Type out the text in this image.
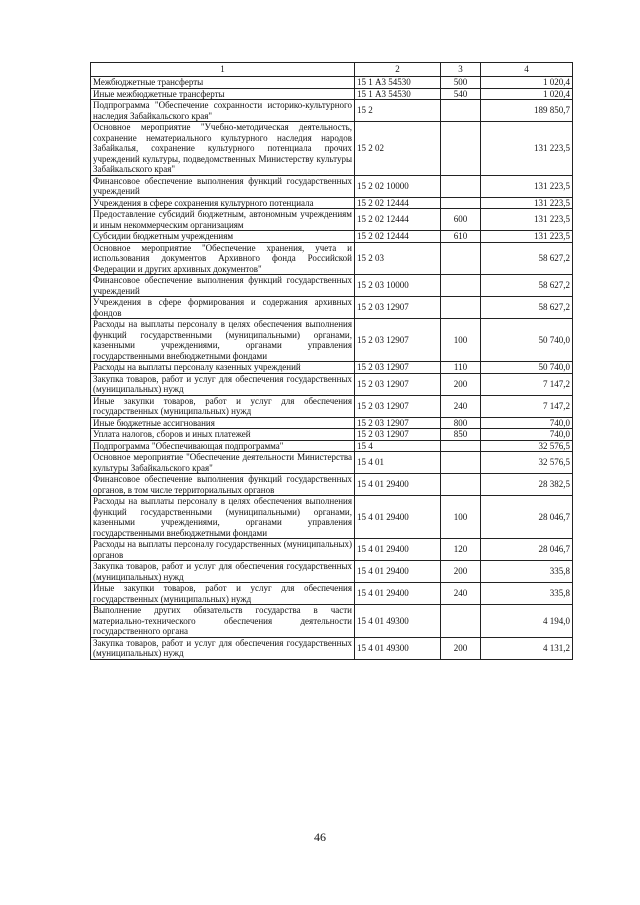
1	2	3	4
Межбюджетные трансферты	15 1 А3 54530	500	1 020,4
Иные межбюджетные трансферты	15 1 А3 54530	540	1 020,4
Подпрограмма "Обеспечение сохранности историко-культурного наследия Забайкальского края"	15 2		189 850,7
Основное мероприятие "Учебно-методическая деятельность, сохранение нематериального культурного наследия народов Забайкалья, сохранение культурного потенциала прочих учреждений культуры, подведомственных Министерству культуры Забайкальского края"	15 2 02		131 223,5
Финансовое обеспечение выполнения функций государственных учреждений	15 2 02 10000		131 223,5
Учреждения в сфере сохранения культурного потенциала	15 2 02 12444		131 223,5
Предоставление субсидий бюджетным, автономным учреждениям и иным некоммерческим организациям	15 2 02 12444	600	131 223,5
Субсидии бюджетным учреждениям	15 2 02 12444	610	131 223,5
Основное мероприятие "Обеспечение хранения, учета и использования документов Архивного фонда Российской Федерации и других архивных документов"	15 2 03		58 627,2
Финансовое обеспечение выполнения функций государственных учреждений	15 2 03 10000		58 627,2
Учреждения в сфере формирования и содержания архивных фондов	15 2 03 12907		58 627,2
Расходы на выплаты персоналу в целях обеспечения выполнения функций государственными (муниципальными) органами, казенными учреждениями, органами управления государственными внебюджетными фондами	15 2 03 12907	100	50 740,0
Расходы на выплаты персоналу казенных учреждений	15 2 03 12907	110	50 740,0
Закупка товаров, работ и услуг для обеспечения государственных (муниципальных) нужд	15 2 03 12907	200	7 147,2
Иные закупки товаров, работ и услуг для обеспечения государственных (муниципальных) нужд	15 2 03 12907	240	7 147,2
Иные бюджетные ассигнования	15 2 03 12907	800	740,0
Уплата налогов, сборов и иных платежей	15 2 03 12907	850	740,0
Подпрограмма "Обеспечивающая подпрограмма"	15 4		32 576,5
Основное мероприятие "Обеспечение деятельности Министерства культуры Забайкальского края"	15 4 01		32 576,5
Финансовое обеспечение выполнения функций государственных органов, в том числе территориальных органов	15 4 01 29400		28 382,5
Расходы на выплаты персоналу в целях обеспечения выполнения функций государственными (муниципальными) органами, казенными учреждениями, органами управления государственными внебюджетными фондами	15 4 01 29400	100	28 046,7
Расходы на выплаты персоналу государственных (муниципальных) органов	15 4 01 29400	120	28 046,7
Закупка товаров, работ и услуг для обеспечения государственных (муниципальных) нужд	15 4 01 29400	200	335,8
Иные закупки товаров, работ и услуг для обеспечения государственных (муниципальных) нужд	15 4 01 29400	240	335,8
Выполнение других обязательств государства в части материально-технического обеспечения деятельности государственного органа	15 4 01 49300		4 194,0
Закупка товаров, работ и услуг для обеспечения государственных (муниципальных) нужд	15 4 01 49300	200	4 131,2
46
